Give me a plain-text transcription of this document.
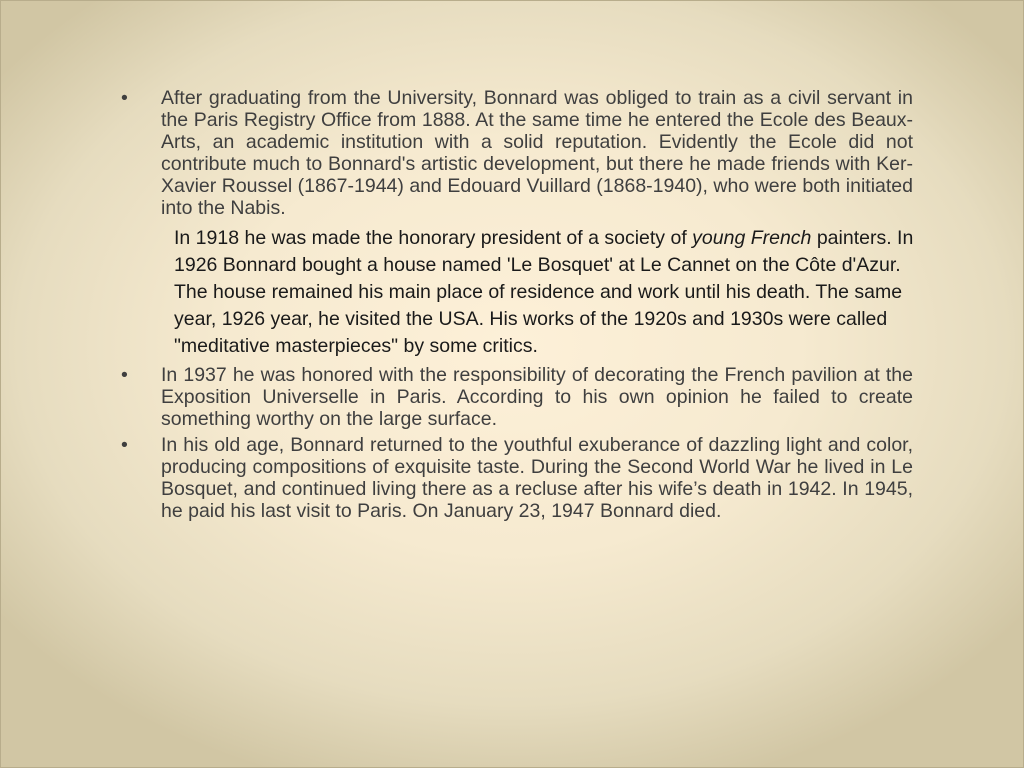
• After graduating from the University, Bonnard was obliged to train as a civil servant in the Paris Registry Office from 1888. At the same time he entered the Ecole des Beaux-Arts, an academic institution with a solid reputation. Evidently the Ecole did not contribute much to Bonnard's artistic development, but there he made friends with Ker-Xavier Roussel (1867-1944) and Edouard Vuillard (1868-1940), who were both initiated into the Nabis.
In 1918 he was made the honorary president of a society of young French painters. In 1926 Bonnard bought a house named 'Le Bosquet' at Le Cannet on the Côte d'Azur. The house remained his main place of residence and work until his death. The same year, 1926 year, he visited the USA. His works of the 1920s and 1930s were called "meditative masterpieces" by some critics.
• In 1937 he was honored with the responsibility of decorating the French pavilion at the Exposition Universelle in Paris. According to his own opinion he failed to create something worthy on the large surface.
• In his old age, Bonnard returned to the youthful exuberance of dazzling light and color, producing compositions of exquisite taste. During the Second World War he lived in Le Bosquet, and continued living there as a recluse after his wife’s death in 1942. In 1945, he paid his last visit to Paris. On January 23, 1947 Bonnard died.
